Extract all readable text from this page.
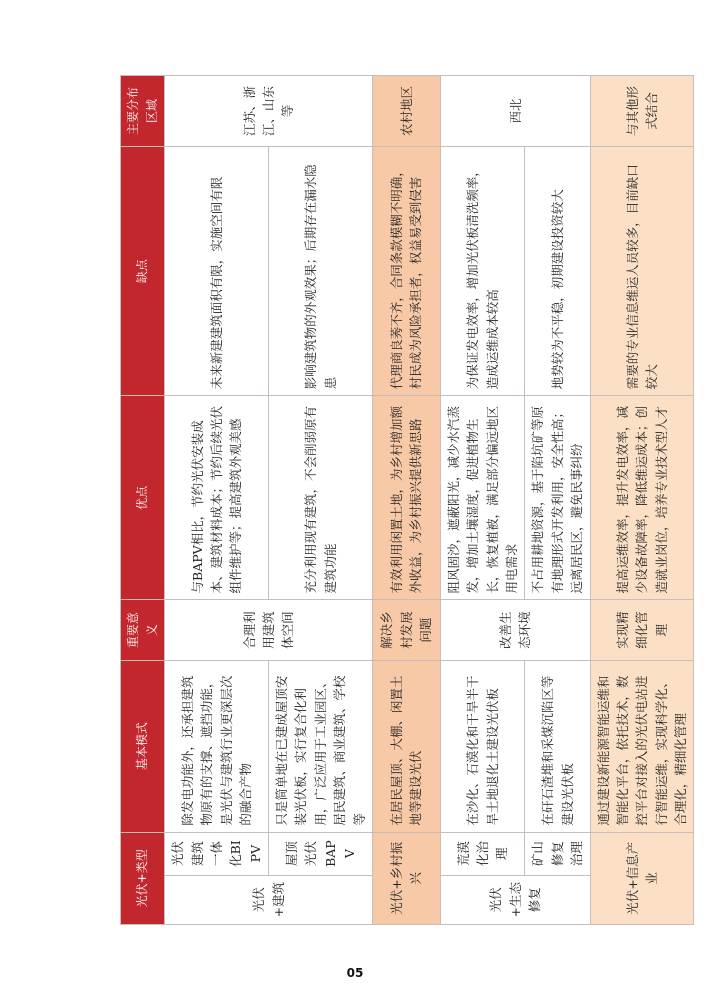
光伏+类型		基本模式	重要意义	优点	缺点	主要分布区域
光伏+建筑	光伏建筑一体化BIPV	除发电功能外，还承担建筑物原有的支撑、遮挡功能，是光伏与建筑行业更深层次的融合产物	合理利用建筑体空间	与BAPV相比，节约光伏安装成本、建筑材料成本；节约后续光伏组件维护等；提高建筑外观美感	未来新建建筑面积有限，实施空间有限	江苏、浙江、山东等
	屋顶光伏BAPV	只是简单地在已建成屋顶安装光伏板，实行复合化利用，广泛应用于工业园区、居民建筑、商业建筑、学校等		充分利用现有建筑，不会削弱原有建筑功能	影响建筑物的外观效果；后期存在漏水隐患	
光伏+乡村振兴		在居民屋顶、大棚、闲置土地等建设光伏	解决乡村发展问题	有效利用闲置土地，为乡村增加额外收益，为乡村振兴提供新思路	代理商良莠不齐，合同条款模糊不明确，村民成为风险承担者，权益易受到侵害	农村地区
光伏+生态修复	荒漠化治理	在沙化、石漠化和干旱半干旱土地退化土建设光伏板	改善生态环境	阻风固沙，遮蔽阳光，减少水汽蒸发，增加土壤湿度，促进植物生长，恢复植被，满足部分偏远地区用电需求	为保证发电效率，增加光伏板清洗频率，造成运维成本较高	西北
	矿山修复治理	在矸石渣堆和采煤沉陷区等建设光伏板		不占用耕地资源，基于陷坑矿等原有地理形式开发利用，安全性高；远离居民区，避免民事纠纷	地势较为不平稳，初期建设投资较大	
光伏+信息产业		通过建设新能源智能运维和智能化平台，依托技术，数控平台对接入的光伏电站进行智能运维，实现科学化、合理化，精细化管理	实现精细化管理	提高运维效率，提升发电效率，减少设备故障率，降低维运成本；创造就业岗位，培养专业技术型人才	需要的专业信息维运人员较多，目前缺口较大	与其他形式结合
05
